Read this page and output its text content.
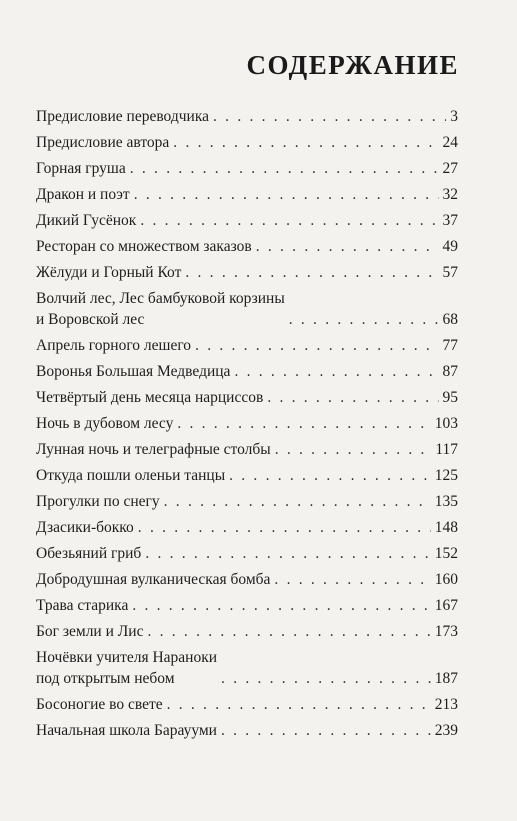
СОДЕРЖАНИЕ
Предисловие переводчика . . .	3
Предисловие автора . . .	24
Горная груша . . .	27
Дракон и поэт . . .	32
Дикий Гусёнок . . .	37
Ресторан со множеством заказов . . .	49
Жёлуди и Горный Кот . . .	57
Волчий лес, Лес бамбуковой корзины
и Воровской лес . . .	68
Апрель горного лешего . . .	77
Воронья Большая Медведица . . .	87
Четвёртый день месяца нарциссов . . .	95
Ночь в дубовом лесу . . .	103
Лунная ночь и телеграфные столбы . . .	117
Откуда пошли оленьи танцы . . .	125
Прогулки по снегу . . .	135
Дзасики-бокко . . .	148
Обезьяний гриб . . .	152
Добродушная вулканическая бомба . . .	160
Трава старика . . .	167
Бог земли и Лис . . .	173
Ночёвки учителя Нараноки
под открытым небом . . .	187
Босоногие во свете . . .	213
Начальная школа Бараууми . . .	239
